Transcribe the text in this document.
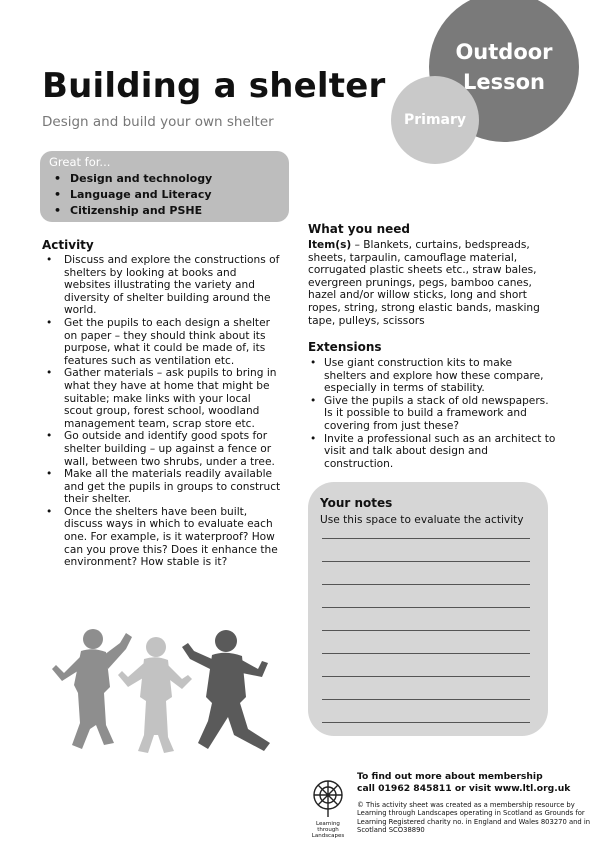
Outdoor
Lesson
Primary
Building a shelter
Design and build your own shelter
Great for...
• Design and technology
• Language and Literacy
• Citizenship and PSHE
Activity
• Discuss and explore the constructions of shelters by looking at books and websites illustrating the variety and diversity of shelter building around the world.
• Get the pupils to each design a shelter on paper – they should think about its purpose, what it could be made of, its features such as ventilation etc.
• Gather materials – ask pupils to bring in what they have at home that might be suitable; make links with your local scout group, forest school, woodland management team, scrap store etc.
• Go outside and identify good spots for shelter building – up against a fence or wall, between two shrubs, under a tree.
• Make all the materials readily available and get the pupils in groups to construct their shelter.
• Once the shelters have been built, discuss ways in which to evaluate each one. For example, is it waterproof? How can you prove this? Does it enhance the environment? How stable is it?
What you need

Item(s) – Blankets, curtains, bedspreads, sheets, tarpaulin, camouflage material, corrugated plastic sheets etc., straw bales, evergreen prunings, pegs, bamboo canes, hazel and/or willow sticks, long and short ropes, string, strong elastic bands, masking tape, pulleys, scissors

Extensions
• Use giant construction kits to make shelters and explore how these compare, especially in terms of stability.
• Give the pupils a stack of old newspapers. Is it possible to build a framework and covering from just these?
• Invite a professional such as an architect to visit and talk about design and construction.
Your notes
Use this space to evaluate the activity
Learning
through
Landscapes
To find out more about membership
call 01962 845811 or visit www.ltl.org.uk
© This activity sheet was created as a membership resource by Learning through Landscapes operating in Scotland as Grounds for Learning Registered charity no. in England and Wales 803270 and in Scotland SCO38890
